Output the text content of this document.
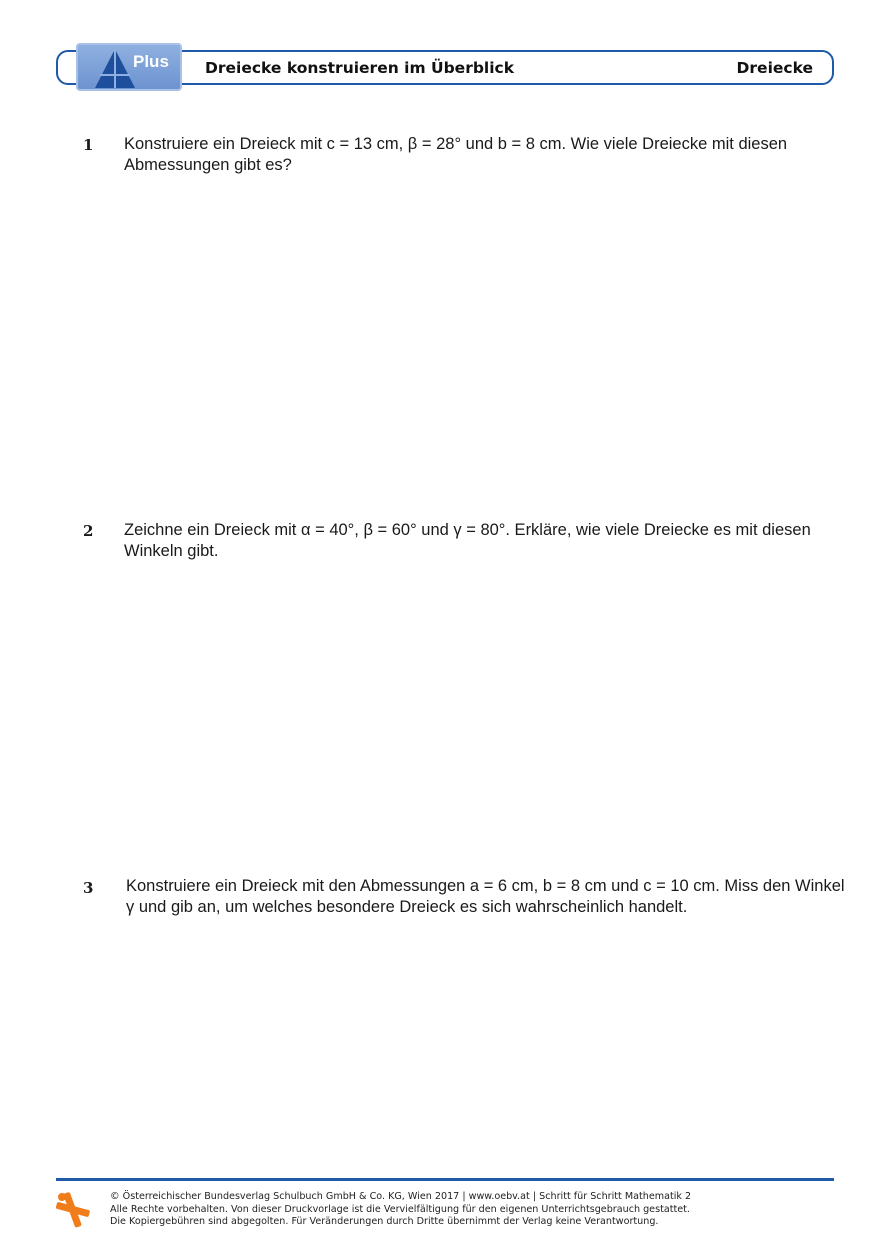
Plus Dreiecke konstruieren im Überblick	Dreiecke
1 Konstruiere ein Dreieck mit c = 13 cm, β = 28° und b = 8 cm. Wie viele Dreiecke mit diesen Abmessungen gibt es?
2 Zeichne ein Dreieck mit α = 40°, β = 60° und γ = 80°. Erkläre, wie viele Dreiecke es mit diesen Winkeln gibt.
3 Konstruiere ein Dreieck mit den Abmessungen a = 6 cm, b = 8 cm und c = 10 cm. Miss den Winkel γ und gib an, um welches besondere Dreieck es sich wahrscheinlich handelt.
© Österreichischer Bundesverlag Schulbuch GmbH & Co. KG, Wien 2017 | www.oebv.at | Schritt für Schritt Mathematik 2
Alle Rechte vorbehalten. Von dieser Druckvorlage ist die Vervielfältigung für den eigenen Unterrichtsgebrauch gestattet.
Die Kopiergebühren sind abgegolten. Für Veränderungen durch Dritte übernimmt der Verlag keine Verantwortung.
